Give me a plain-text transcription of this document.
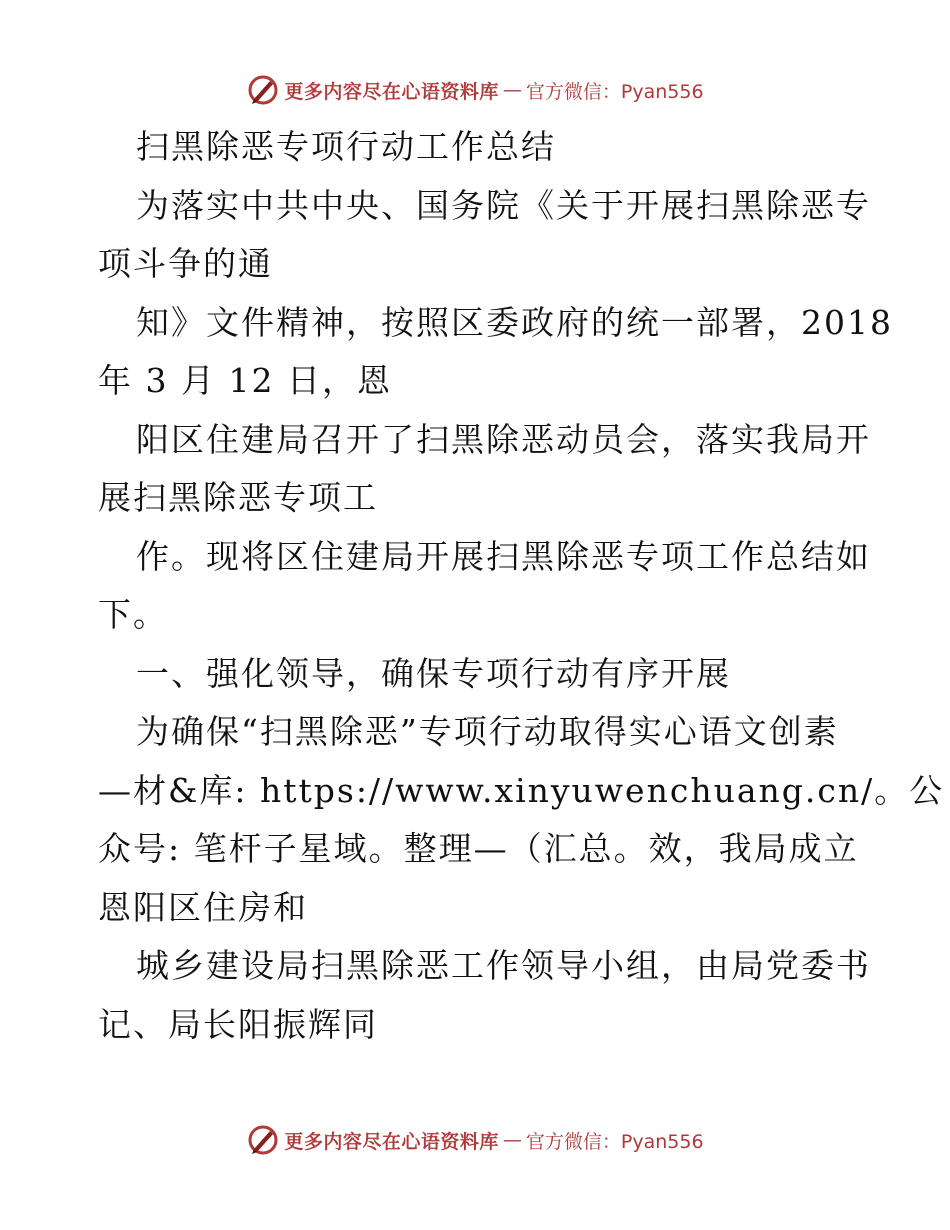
更多内容尽在心语资料库 — 官方微信：Pyan556
扫黑除恶专项行动工作总结
为落实中共中央、国务院《关于开展扫黑除恶专
项斗争的通
知》文件精神，按照区委政府的统一部署，2018
年 3 月 12 日，恩
阳区住建局召开了扫黑除恶动员会，落实我局开
展扫黑除恶专项工
作。现将区住建局开展扫黑除恶专项工作总结如
下。
一、强化领导，确保专项行动有序开展
为确保“扫黑除恶”专项行动取得实心语文创素
—材&库: https://www.xinyuwenchuang.cn/。公
众号: 笔杆子星域。整理—（汇总。效，我局成立
恩阳区住房和
城乡建设局扫黑除恶工作领导小组，由局党委书
记、局长阳振辉同
更多内容尽在心语资料库 — 官方微信：Pyan556
